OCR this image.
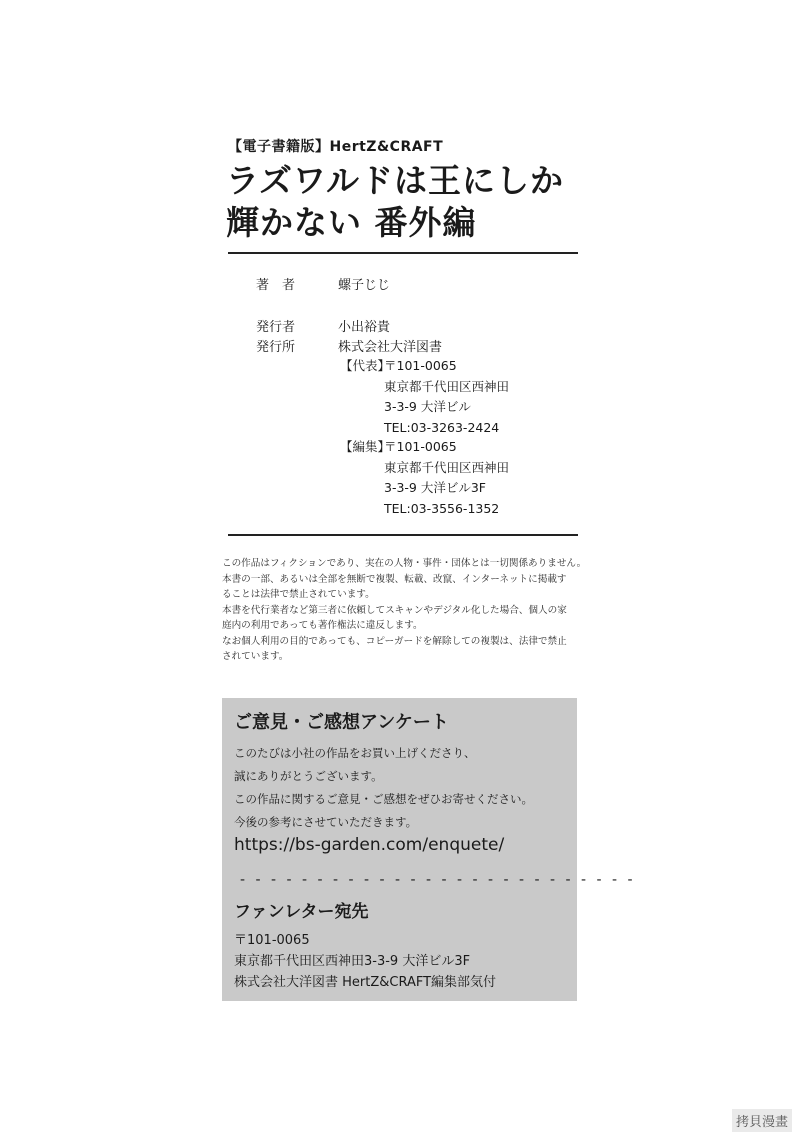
【電子書籍版】HertZ&CRAFT
ラズワルドは王にしか
輝かない 番外編
著　者	螺子じじ
発行者	小出裕貴
発行所	株式会社大洋図書
【代表】
〒101-0065
東京都千代田区西神田
3-3-9 大洋ビル
TEL:03-3263-2424
【編集】
〒101-0065
東京都千代田区西神田
3-3-9 大洋ビル3F
TEL:03-3556-1352
この作品はフィクションであり、実在の人物・事件・団体とは一切関係ありません。
本書の一部、あるいは全部を無断で複製、転載、改竄、インターネットに掲載す
ることは法律で禁止されています。
本書を代行業者など第三者に依頼してスキャンやデジタル化した場合、個人の家
庭内の利用であっても著作権法に違反します。
なお個人利用の目的であっても、コピーガードを解除しての複製は、法律で禁止
されています。
ご意見・ご感想アンケート
このたびは小社の作品をお買い上げくださり、
誠にありがとうございます。
この作品に関するご意見・ご感想をぜひお寄せください。
今後の参考にさせていただきます。
https://bs-garden.com/enquete/
- - - - - - - - - - - - - - - - - - - - - - - - - -
ファンレター宛先
〒101-0065
東京都千代田区西神田3-3-9 大洋ビル3F
株式会社大洋図書 HertZ&CRAFT編集部気付
拷貝漫畫
